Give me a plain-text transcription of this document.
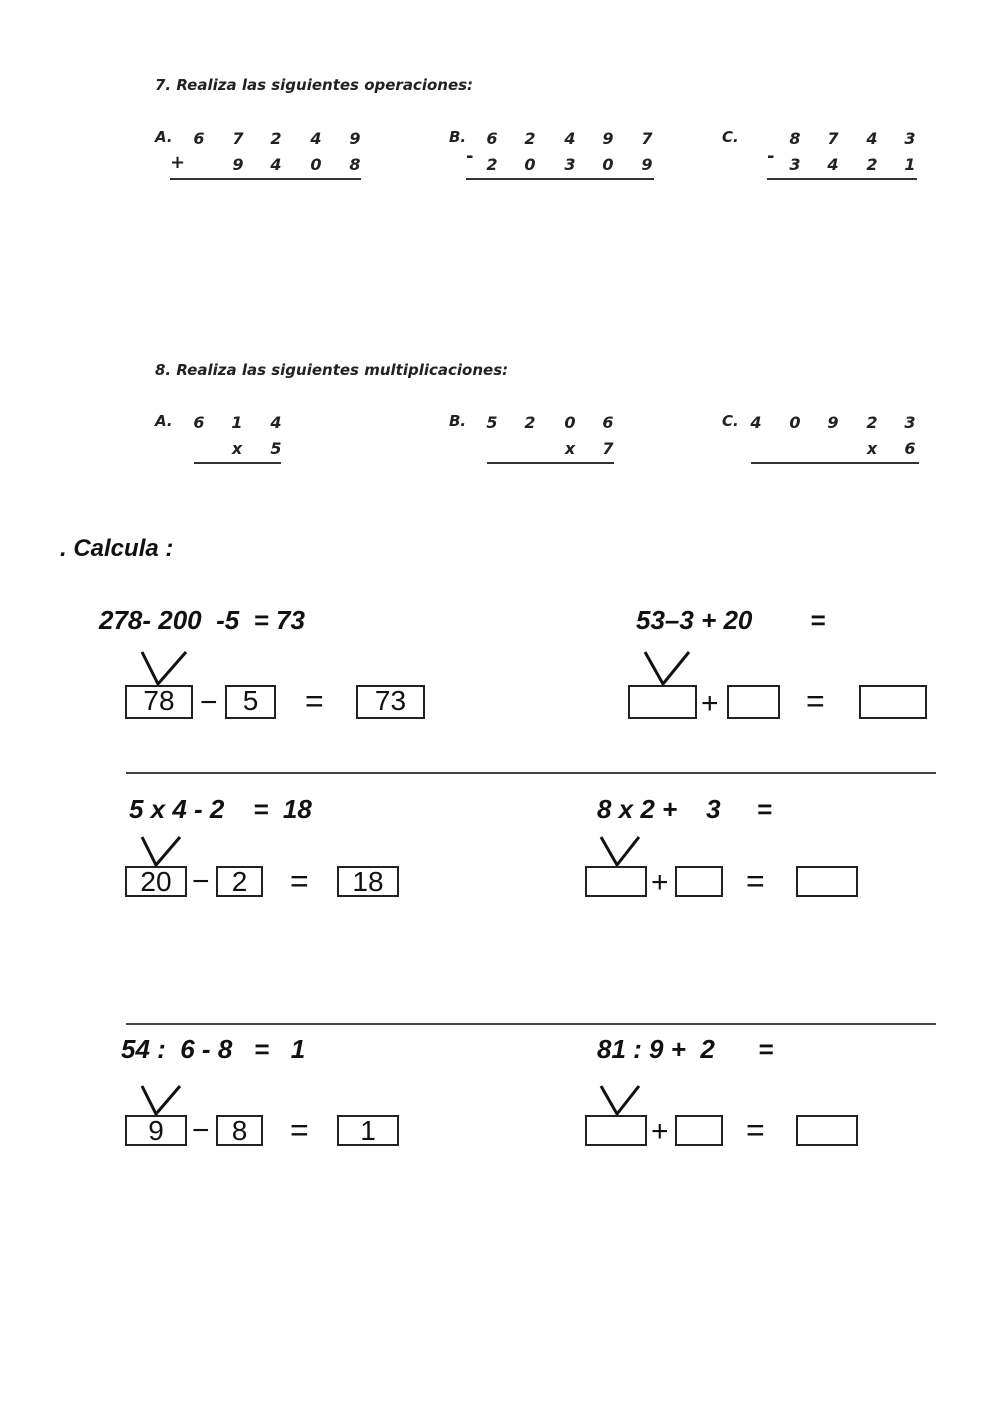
7. Realiza las siguientes operaciones:
A. 6 7 2 4 9
+	9 4 0 8
B. 6 2 4 9 7
- 2 0 3 0 9
C.	8 7 4 3
- 3 4 2 1
8. Realiza las siguientes multiplicaciones:
A. 6 1 4
x	5
B. 5 2 0 6
x	7
C. 4 0 9 2 3
x	6
. Calcula :
278- 200  -5  = 73
78 − 5	=	73
53–3 + 20        =
+	=
5 x 4 - 2    =  18
20 − 2	=	18
8 x 2 +    3     =
+ =
54 :  6 - 8   =   1
9 − 8	=	1
81 : 9 +  2      =
+ =
